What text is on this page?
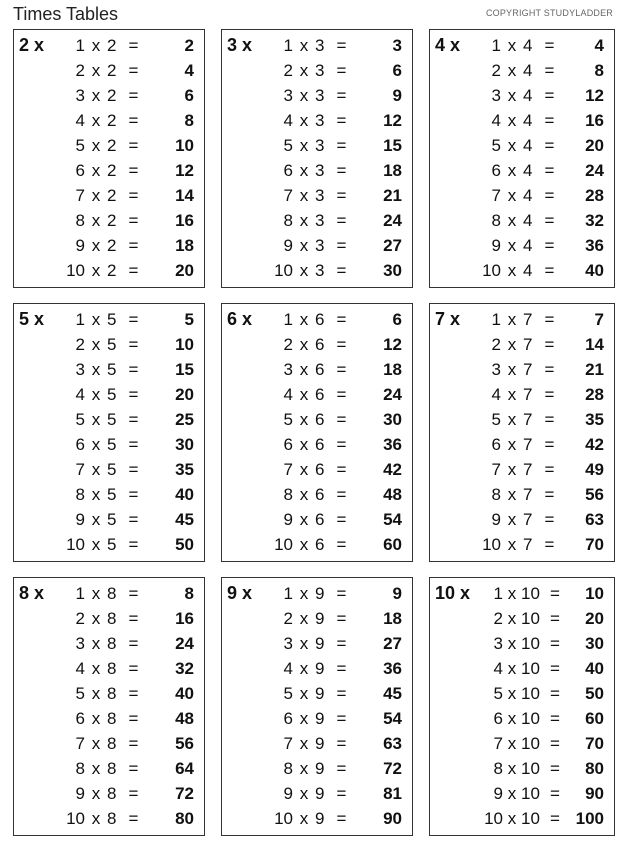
Times Tables	COPYRIGHT STUDYLADDER
2 x	1 x 2 =	2
2 x 2 =	4
3 x 2 =	6
4 x 2 =	8
5 x 2 =	10
6 x 2 =	12
7 x 2 =	14
8 x 2 =	16
9 x 2 =	18
10 x 2 =	20
3 x	1 x 3 =	3
2 x 3 =	6
3 x 3 =	9
4 x 3 =	12
5 x 3 =	15
6 x 3 =	18
7 x 3 =	21
8 x 3 =	24
9 x 3 =	27
10 x 3 =	30
4 x	1 x 4 =	4
2 x 4 =	8
3 x 4 =	12
4 x 4 =	16
5 x 4 =	20
6 x 4 =	24
7 x 4 =	28
8 x 4 =	32
9 x 4 =	36
10 x 4 =	40
5 x	1 x 5 =	5
2 x 5 =	10
3 x 5 =	15
4 x 5 =	20
5 x 5 =	25
6 x 5 =	30
7 x 5 =	35
8 x 5 =	40
9 x 5 =	45
10 x 5 =	50
6 x	1 x 6 =	6
2 x 6 =	12
3 x 6 =	18
4 x 6 =	24
5 x 6 =	30
6 x 6 =	36
7 x 6 =	42
8 x 6 =	48
9 x 6 =	54
10 x 6 =	60
7 x	1 x 7 =	7
2 x 7 =	14
3 x 7 =	21
4 x 7 =	28
5 x 7 =	35
6 x 7 =	42
7 x 7 =	49
8 x 7 =	56
9 x 7 =	63
10 x 7 =	70
8 x	1 x 8 =	8
2 x 8 =	16
3 x 8 =	24
4 x 8 =	32
5 x 8 =	40
6 x 8 =	48
7 x 8 =	56
8 x 8 =	64
9 x 8 =	72
10 x 8 =	80
9 x	1 x 9 =	9
2 x 9 =	18
3 x 9 =	27
4 x 9 =	36
5 x 9 =	45
6 x 9 =	54
7 x 9 =	63
8 x 9 =	72
9 x 9 =	81
10 x 9 =	90
10 x	1 x 10 =	10
2 x 10 =	20
3 x 10 =	30
4 x 10 =	40
5 x 10 =	50
6 x 10 =	60
7 x 10 =	70
8 x 10 =	80
9 x 10 =	90
10 x 10 = 100
